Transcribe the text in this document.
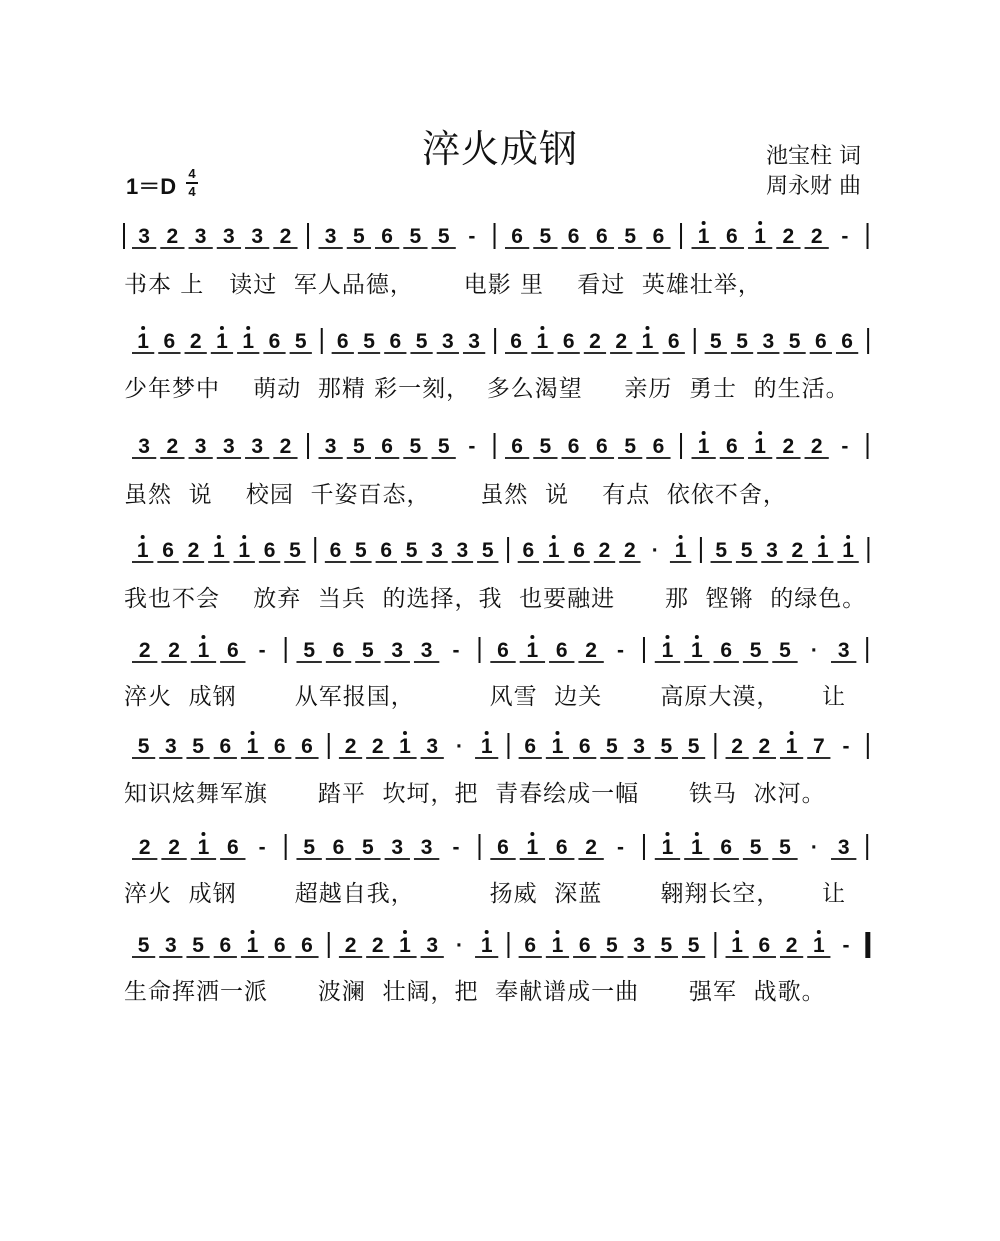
淬火成钢	池宝柱 词
周永财 曲
1＝D
4
4
3 2 3 3 3 2 3 5 6 5 5 - 6 5 6 6 5 6 1 6 1 2 2 -
1 6 2 1 1 6 5 6 5 6 5 3 3 6 1 6 2 2 1 6 5 5 3 5 6 6
3 2 3 3 3 2 3 5 6 5 5 - 6 5 6 6 5 6 1 6 1 2 2 -
1 6 2 1 1 6 5 6 5 6 5 3 3 5 6 1 6 2 2 · 1 5 5 3 2 1 1
2 2 1 6 - 5 6 5 3 3 - 6 1 6 2 - 1 1 6 5 5 · 3
5 3 5 6 1 6 6 2 2 1 3 · 1 6 1 6 5 3 5 5 2 2 1 7 -
2 2 1 6 - 5 6 5 3 3 - 6 1 6 2 - 1 1 6 5 5 · 3
5 3 5 6 1 6 6 2 2 1 3 · 1 6 1 6 5 3 5 5 1 6 2 1 -
书本 上   读过  军人品德，      电影 里    看过  英雄壮举，
少年梦中    萌动  那精 彩一刻，  多么渴望     亲历  勇士  的生活。
虽然  说    校园  千姿百态，      虽然  说    有点  依依不舍，
我也不会    放弃  当兵  的选择，我  也要融进      那  铿锵  的绿色。
淬火  成钢       从军报国，         风雪  边关       高原大漠，     让
知识炫舞军旗      踏平  坎坷，把  青春绘成一幅      铁马  冰河。
淬火  成钢       超越自我，         扬威  深蓝       翱翔长空，     让
生命挥洒一派      波澜  壮阔，把  奉献谱成一曲      强军  战歌。
